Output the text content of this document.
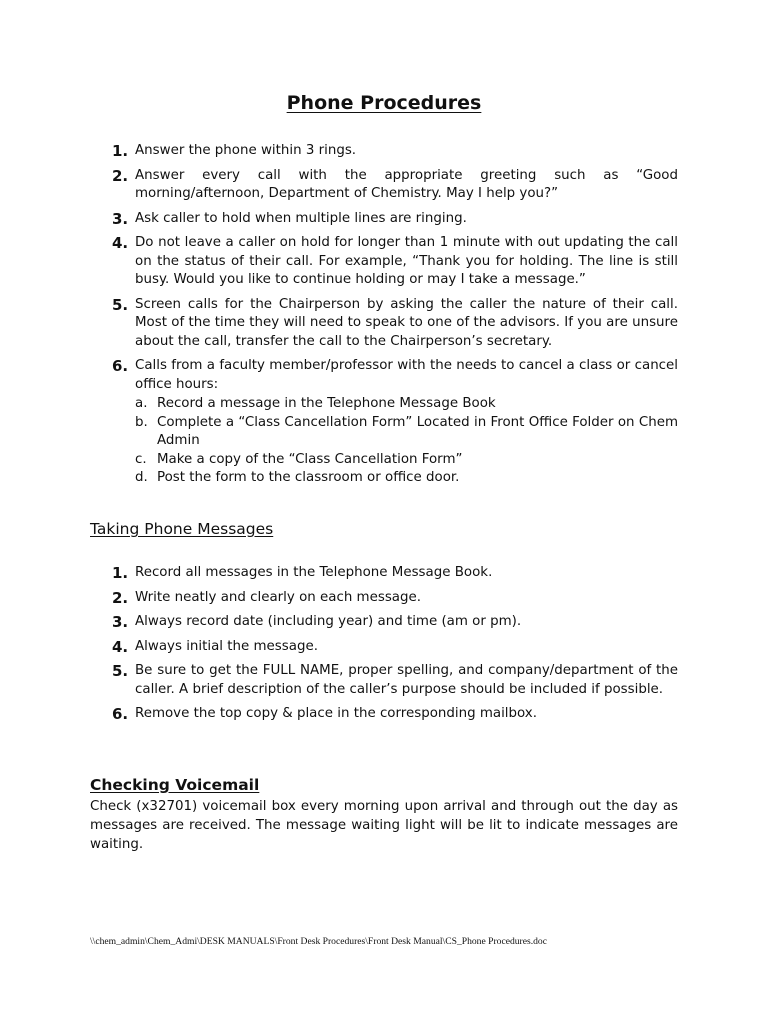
Phone Procedures
1. Answer the phone within 3 rings.
2. Answer every call with the appropriate greeting such as “Good morning/afternoon, Department of Chemistry. May I help you?”
3. Ask caller to hold when multiple lines are ringing.
4. Do not leave a caller on hold for longer than 1 minute with out updating the call on the status of their call. For example, “Thank you for holding. The line is still busy. Would you like to continue holding or may I take a message.”
5. Screen calls for the Chairperson by asking the caller the nature of their call. Most of the time they will need to speak to one of the advisors. If you are unsure about the call, transfer the call to the Chairperson’s secretary.
6. Calls from a faculty member/professor with the needs to cancel a class or cancel office hours:
a. Record a message in the Telephone Message Book
b. Complete a “Class Cancellation Form” Located in Front Office Folder on Chem Admin
c. Make a copy of the “Class Cancellation Form”
d. Post the form to the classroom or office door.
Taking Phone Messages
1. Record all messages in the Telephone Message Book.
2. Write neatly and clearly on each message.
3. Always record date (including year) and time (am or pm).
4. Always initial the message.
5. Be sure to get the FULL NAME, proper spelling, and company/department of the caller. A brief description of the caller’s purpose should be included if possible.
6. Remove the top copy & place in the corresponding mailbox.
Checking Voicemail

Check (x32701) voicemail box every morning upon arrival and through out the day as messages are received. The message waiting light will be lit to indicate messages are waiting.

\\chem_admin\Chem_Admi\DESK MANUALS\Front Desk Procedures\Front Desk Manual\CS_Phone Procedures.doc
